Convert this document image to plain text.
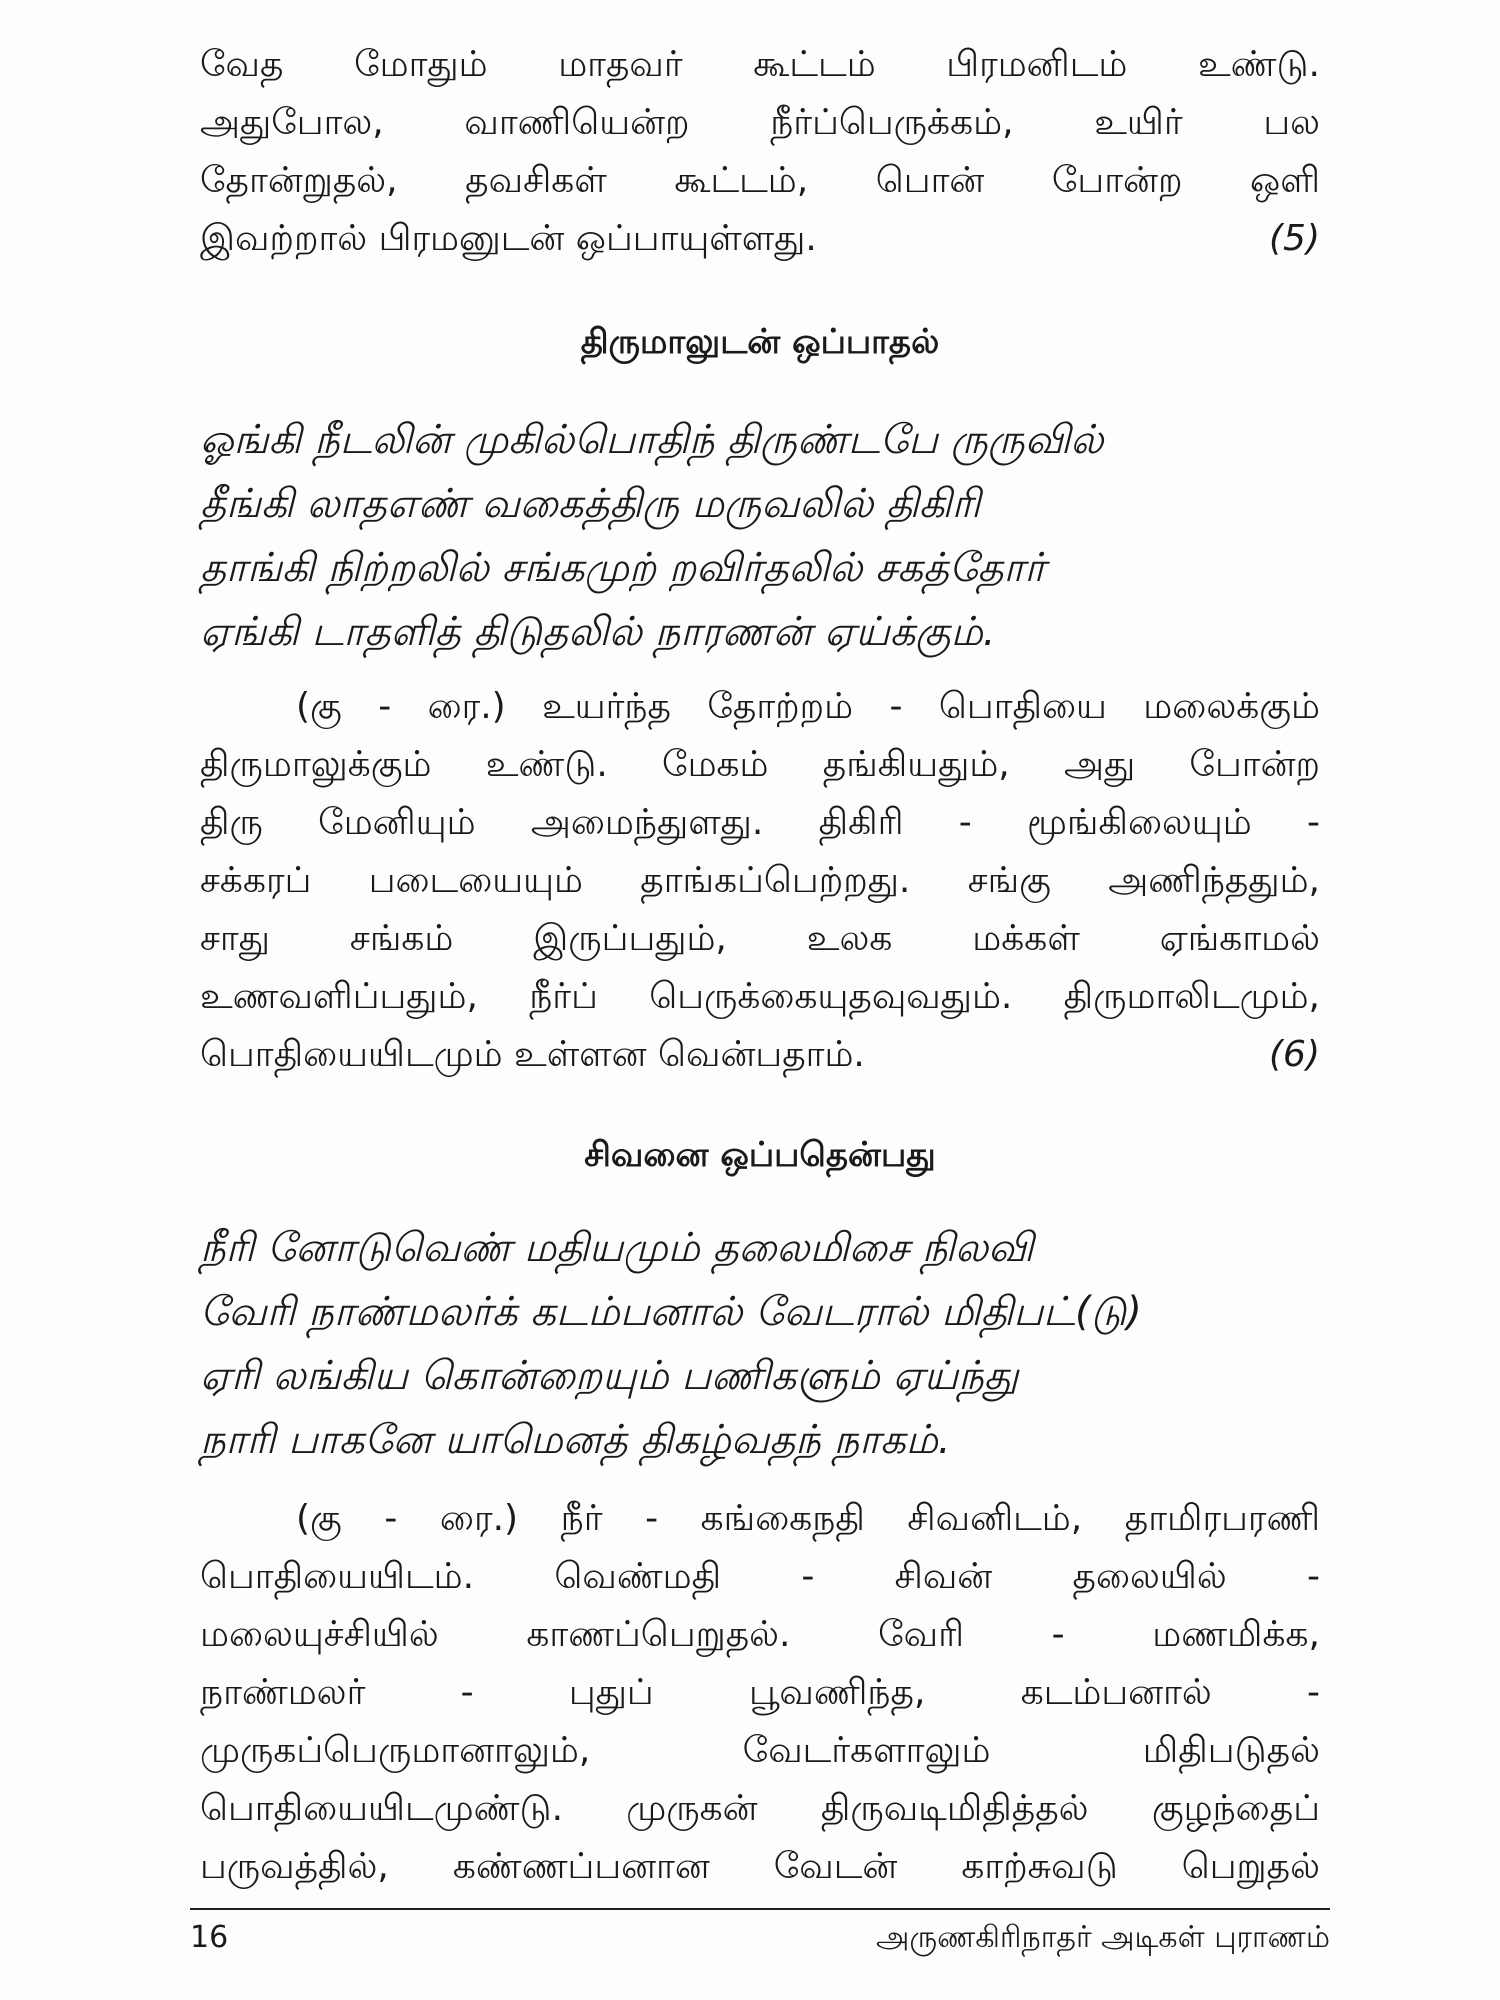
வேத மோதும் மாதவர் கூட்டம் பிரமனிடம் உண்டு.
அதுபோல, வாணியென்ற நீர்ப்பெருக்கம், உயிர் பல
தோன்றுதல், தவசிகள் கூட்டம், பொன் போன்ற ஒளி
இவற்றால் பிரமனுடன் ஒப்பாயுள்ளது.	(5)
திருமாலுடன் ஒப்பாதல்
ஓங்கி நீடலின் முகில்பொதிந் திருண்டபே ருருவில்
தீங்கி லாதஎண் வகைத்திரு மருவலில் திகிரி
தாங்கி நிற்றலில் சங்கமுற் றவிர்தலில் சகத்தோர்
ஏங்கி டாதளித் திடுதலில் நாரணன் ஏய்க்கும்.
(கு - ரை.) உயர்ந்த தோற்றம் - பொதியை மலைக்கும்
திருமாலுக்கும் உண்டு. மேகம் தங்கியதும், அது போன்ற
திரு மேனியும் அமைந்துளது. திகிரி - மூங்கிலையும் -
சக்கரப் படையையும் தாங்கப்பெற்றது. சங்கு அணிந்ததும்,
சாது சங்கம் இருப்பதும், உலக மக்கள் ஏங்காமல்
உணவளிப்பதும், நீர்ப் பெருக்கையுதவுவதும். திருமாலிடமும்,
பொதியையிடமும் உள்ளன வென்பதாம்.	(6)
சிவனை ஒப்பதென்பது
நீரி னோடுவெண் மதியமும் தலைமிசை நிலவி
வேரி நாண்மலர்க் கடம்பனால் வேடரால் மிதிபட்(டு)
ஏரி லங்கிய கொன்றையும் பணிகளும் ஏய்ந்து
நாரி பாகனே யாமெனத் திகழ்வதந் நாகம்.
(கு - ரை.) நீர் - கங்கைநதி சிவனிடம், தாமிரபரணி
பொதியையிடம். வெண்மதி - சிவன் தலையில் -
மலையுச்சியில் காணப்பெறுதல். வேரி - மணமிக்க,
நாண்மலர் - புதுப் பூவணிந்த, கடம்பனால் -
முருகப்பெருமானாலும், வேடர்களாலும் மிதிபடுதல்
பொதியையிடமுண்டு. முருகன் திருவடிமிதித்தல் குழந்தைப்
பருவத்தில், கண்ணப்பனான வேடன் காற்சுவடு பெறுதல்
16	அருணகிரிநாதர் அடிகள் புராணம்
